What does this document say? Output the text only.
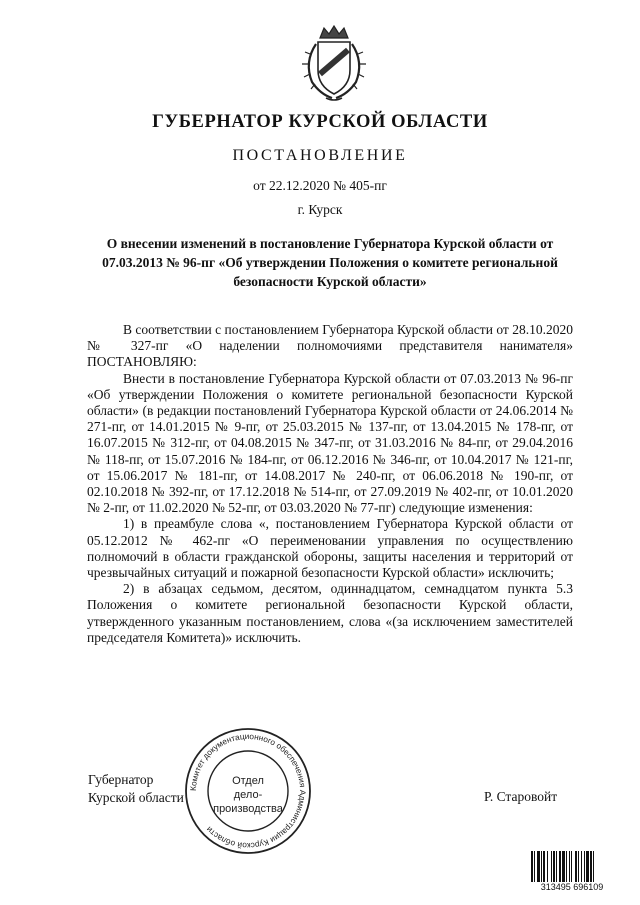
ГУБЕРНАТОР КУРСКОЙ ОБЛАСТИ
ПОСТАНОВЛЕНИЕ
от 22.12.2020 № 405-пг
г. Курск
О внесении изменений в постановление Губернатора Курской области от 07.03.2013 № 96-пг «Об утверждении Положения о комитете региональной безопасности Курской области»

В соответствии с постановлением Губернатора Курской области от 28.10.2020 № 327-пг «О наделении полномочиями представителя нанимателя» ПОСТАНОВЛЯЮ:

Внести в постановление Губернатора Курской области от 07.03.2013 № 96-пг «Об утверждении Положения о комитете региональной безопасности Курской области» (в редакции постановлений Губернатора Курской области от 24.06.2014 № 271-пг, от 14.01.2015 № 9-пг, от 25.03.2015 № 137-пг, от 13.04.2015 № 178-пг, от 16.07.2015 № 312-пг, от 04.08.2015 № 347-пг, от 31.03.2016 № 84-пг, от 29.04.2016 № 118-пг, от 15.07.2016 № 184-пг, от 06.12.2016 № 346-пг, от 10.04.2017 № 121-пг, от 15.06.2017 № 181-пг, от 14.08.2017 № 240-пг, от 06.06.2018 № 190-пг, от 02.10.2018 № 392-пг, от 17.12.2018 № 514-пг, от 27.09.2019 № 402-пг, от 10.01.2020 № 2-пг, от 11.02.2020 № 52-пг, от 03.03.2020 № 77-пг) следующие изменения:

1) в преамбуле слова «, постановлением Губернатора Курской области от 05.12.2012 № 462-пг «О переименовании управления по осуществлению полномочий в области гражданской обороны, защиты населения и территорий от чрезвычайных ситуаций и пожарной безопасности Курской области» исключить;

2) в абзацах седьмом, десятом, одиннадцатом, семнадцатом пункта 5.3 Положения о комитете региональной безопасности Курской области, утвержденного указанным постановлением, слова «(за исключением заместителей председателя Комитета)» исключить.

Губернатор
Курской области	Р. Старовойт
Комитет документационного обеспечения Администрации Курской области
Отдел
дело-
производства
313495 696109
